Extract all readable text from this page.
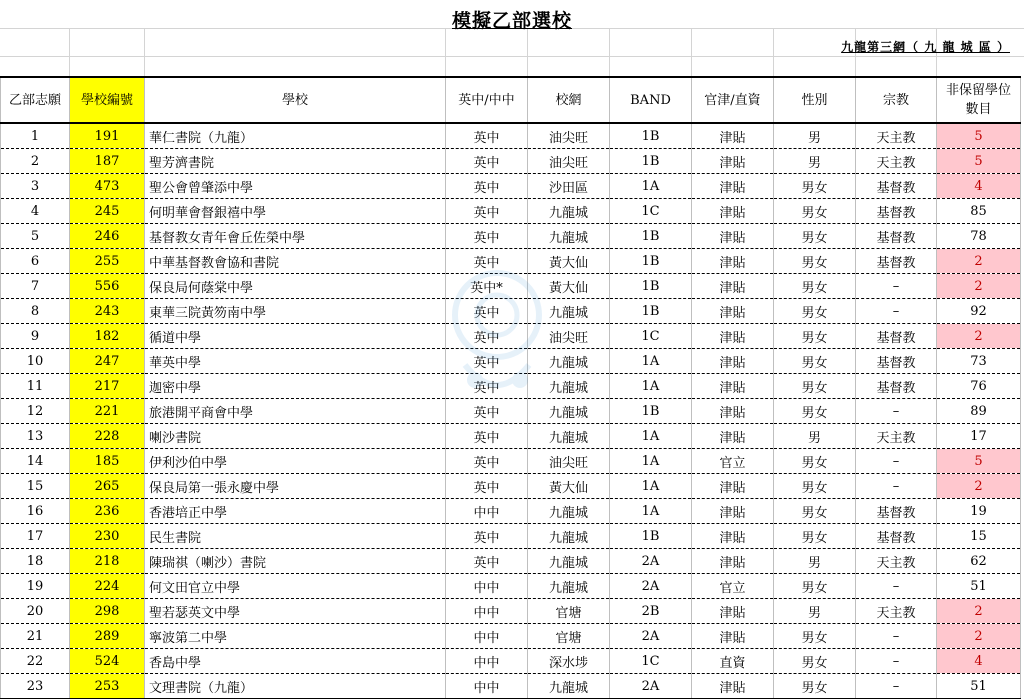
模擬乙部選校
九龍第三網（ 九 龍 城 區 ）
乙部志願	學校編號	學校	英中/中中	校網	BAND	官津/直資	性別	宗教	非保留學位數目
1	191	華仁書院（九龍）	英中	油尖旺	1B	津貼	男	天主教	5
2	187	聖芳濟書院	英中	油尖旺	1B	津貼	男	天主教	5
3	473	聖公會曾肇添中學	英中	沙田區	1A	津貼	男女	基督教	4
4	245	何明華會督銀禧中學	英中	九龍城	1C	津貼	男女	基督教	85
5	246	基督教女青年會丘佐榮中學	英中	九龍城	1B	津貼	男女	基督教	78
6	255	中華基督教會協和書院	英中	黃大仙	1B	津貼	男女	基督教	2
7	556	保良局何蔭棠中學	英中*	黃大仙	1B	津貼	男女	–	2
8	243	東華三院黃笏南中學	英中	九龍城	1B	津貼	男女	–	92
9	182	循道中學	英中	油尖旺	1C	津貼	男女	基督教	2
10	247	華英中學	英中	九龍城	1A	津貼	男女	基督教	73
11	217	迦密中學	英中	九龍城	1A	津貼	男女	基督教	76
12	221	旅港開平商會中學	英中	九龍城	1B	津貼	男女	–	89
13	228	喇沙書院	英中	九龍城	1A	津貼	男	天主教	17
14	185	伊利沙伯中學	英中	油尖旺	1A	官立	男女	–	5
15	265	保良局第一張永慶中學	英中	黃大仙	1A	津貼	男女	–	2
16	236	香港培正中學	中中	九龍城	1A	津貼	男女	基督教	19
17	230	民生書院	英中	九龍城	1B	津貼	男女	基督教	15
18	218	陳瑞祺（喇沙）書院	英中	九龍城	2A	津貼	男	天主教	62
19	224	何文田官立中學	中中	九龍城	2A	官立	男女	–	51
20	298	聖若瑟英文中學	中中	官塘	2B	津貼	男	天主教	2
21	289	寧波第二中學	中中	官塘	2A	津貼	男女	–	2
22	524	香島中學	中中	深水埗	1C	直資	男女	–	4
23	253	文理書院（九龍）	中中	九龍城	2A	津貼	男女	–	51
